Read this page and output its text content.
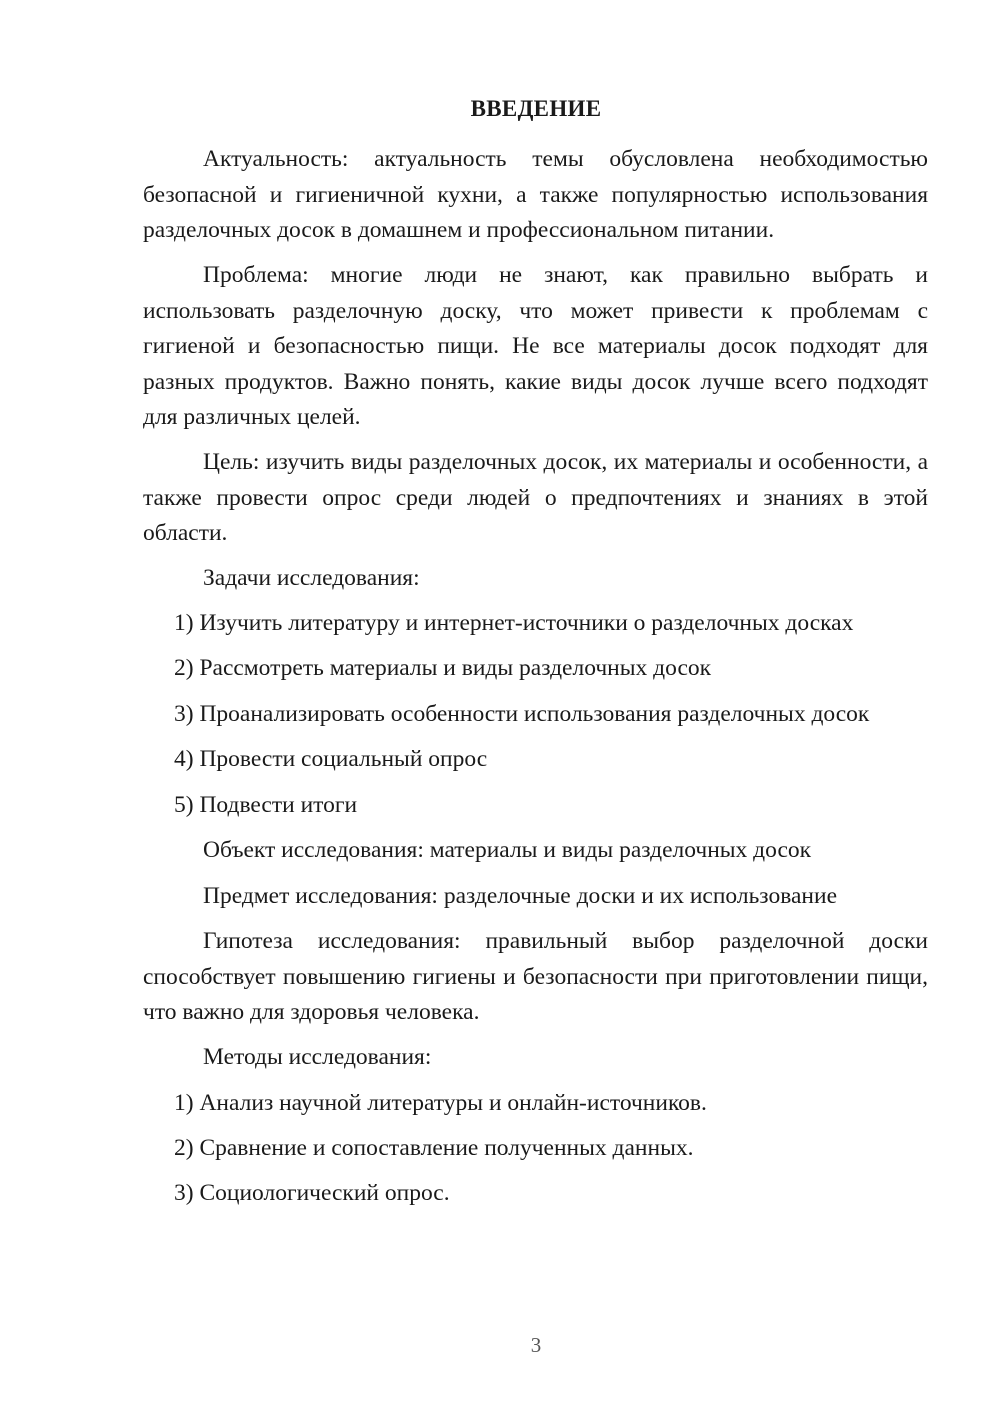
ВВЕДЕНИЕ

Актуальность: актуальность темы обусловлена необходимостью безопасной и гигиеничной кухни, а также популярностью использования разделочных досок в домашнем и профессиональном питании.

Проблема: многие люди не знают, как правильно выбрать и использовать разделочную доску, что может привести к проблемам с гигиеной и безопасностью пищи. Не все материалы досок подходят для разных продуктов. Важно понять, какие виды досок лучше всего подходят для различных целей.

Цель: изучить виды разделочных досок, их материалы и особенности, а также провести опрос среди людей о предпочтениях и знаниях в этой области.

Задачи исследования:
1) Изучить литературу и интернет-источники о разделочных досках
2) Рассмотреть материалы и виды разделочных досок
3) Проанализировать особенности использования разделочных досок
4) Провести социальный опрос
5) Подвести итоги
Объект исследования: материалы и виды разделочных досок
Предмет исследования: разделочные доски и их использование

Гипотеза исследования: правильный выбор разделочной доски способствует повышению гигиены и безопасности при приготовлении пищи, что важно для здоровья человека.

Методы исследования:
1) Анализ научной литературы и онлайн-источников.
2) Сравнение и сопоставление полученных данных.
3) Социологический опрос.
3
